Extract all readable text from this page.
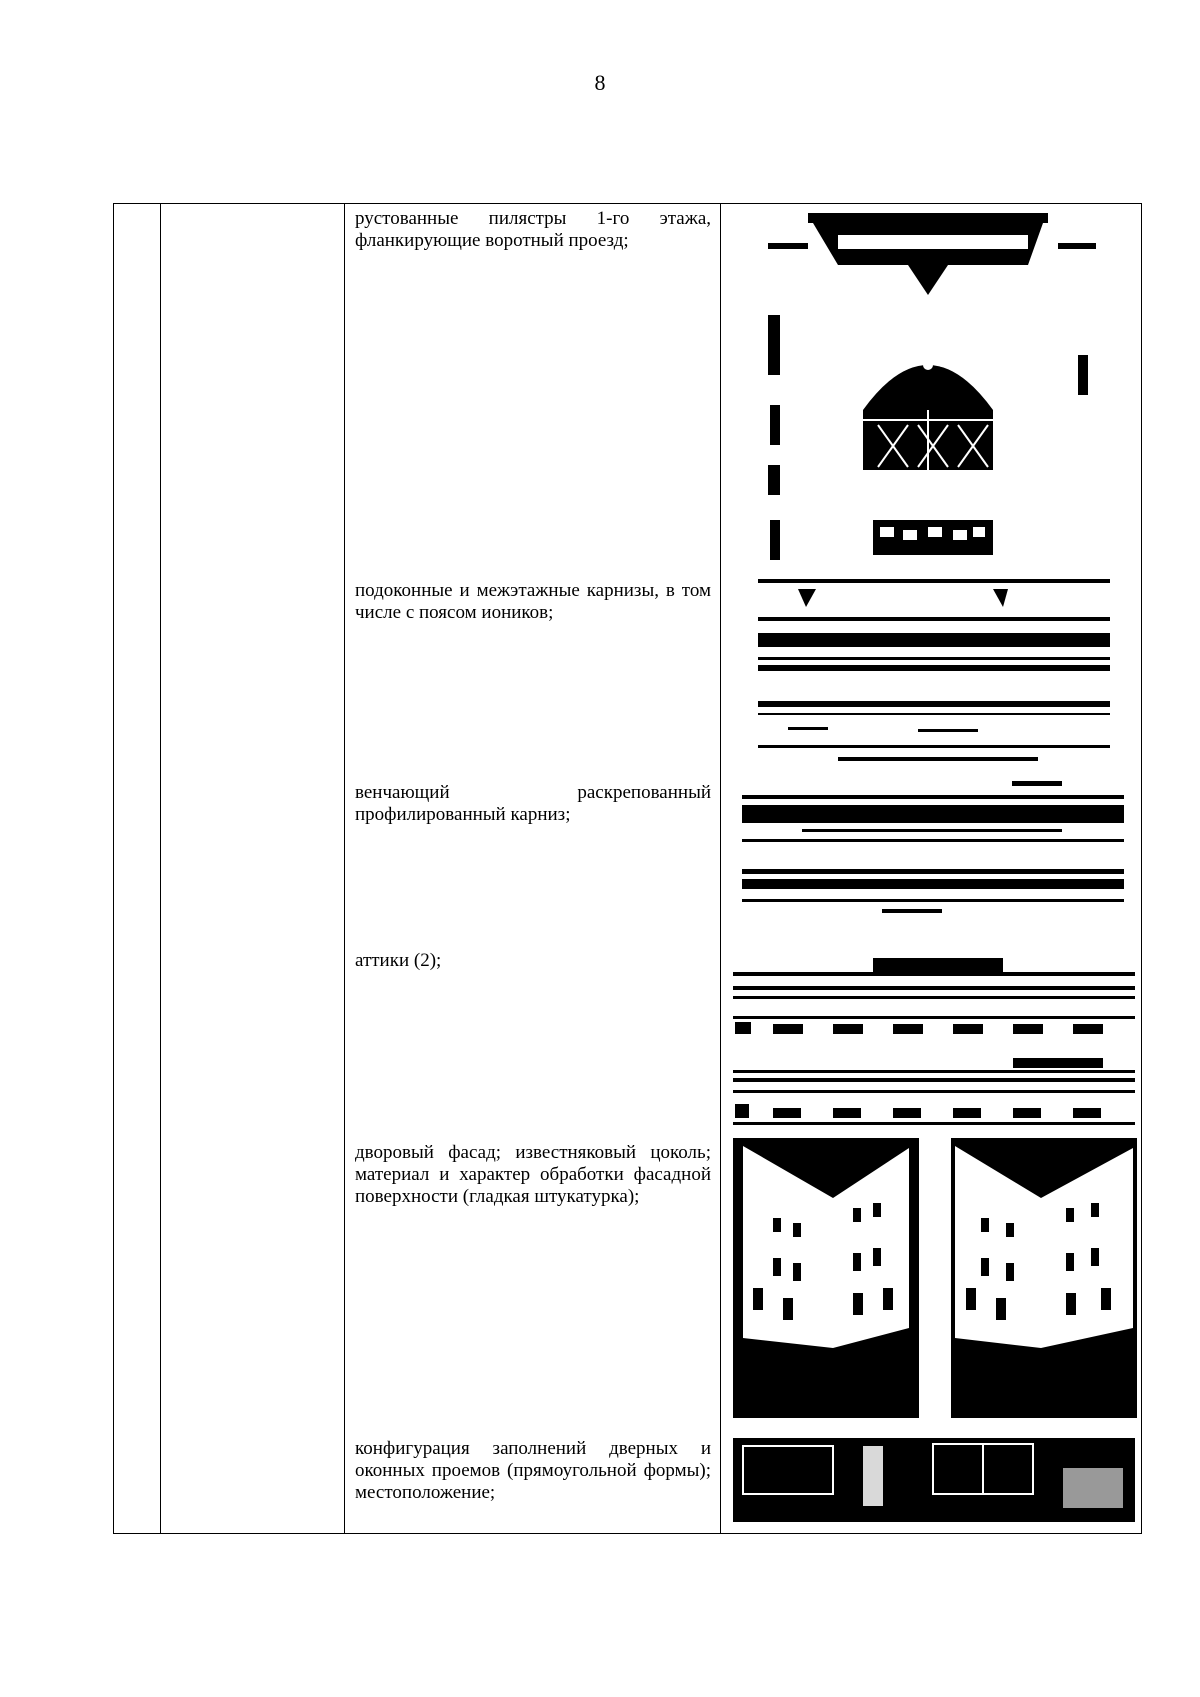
8
рустованные пилястры 1-го этажа, фланкирующие воротный проезд;
подоконные и межэтажные карнизы, в том числе с поясом иоников;
венчающий раскрепованный профилированный карниз;
аттики (2);
дворовый фасад; известняковый цоколь; материал и характер обработки фасадной поверхности (гладкая штукатурка);
конфигурация заполнений дверных и оконных проемов (прямоугольной формы); местоположение;
